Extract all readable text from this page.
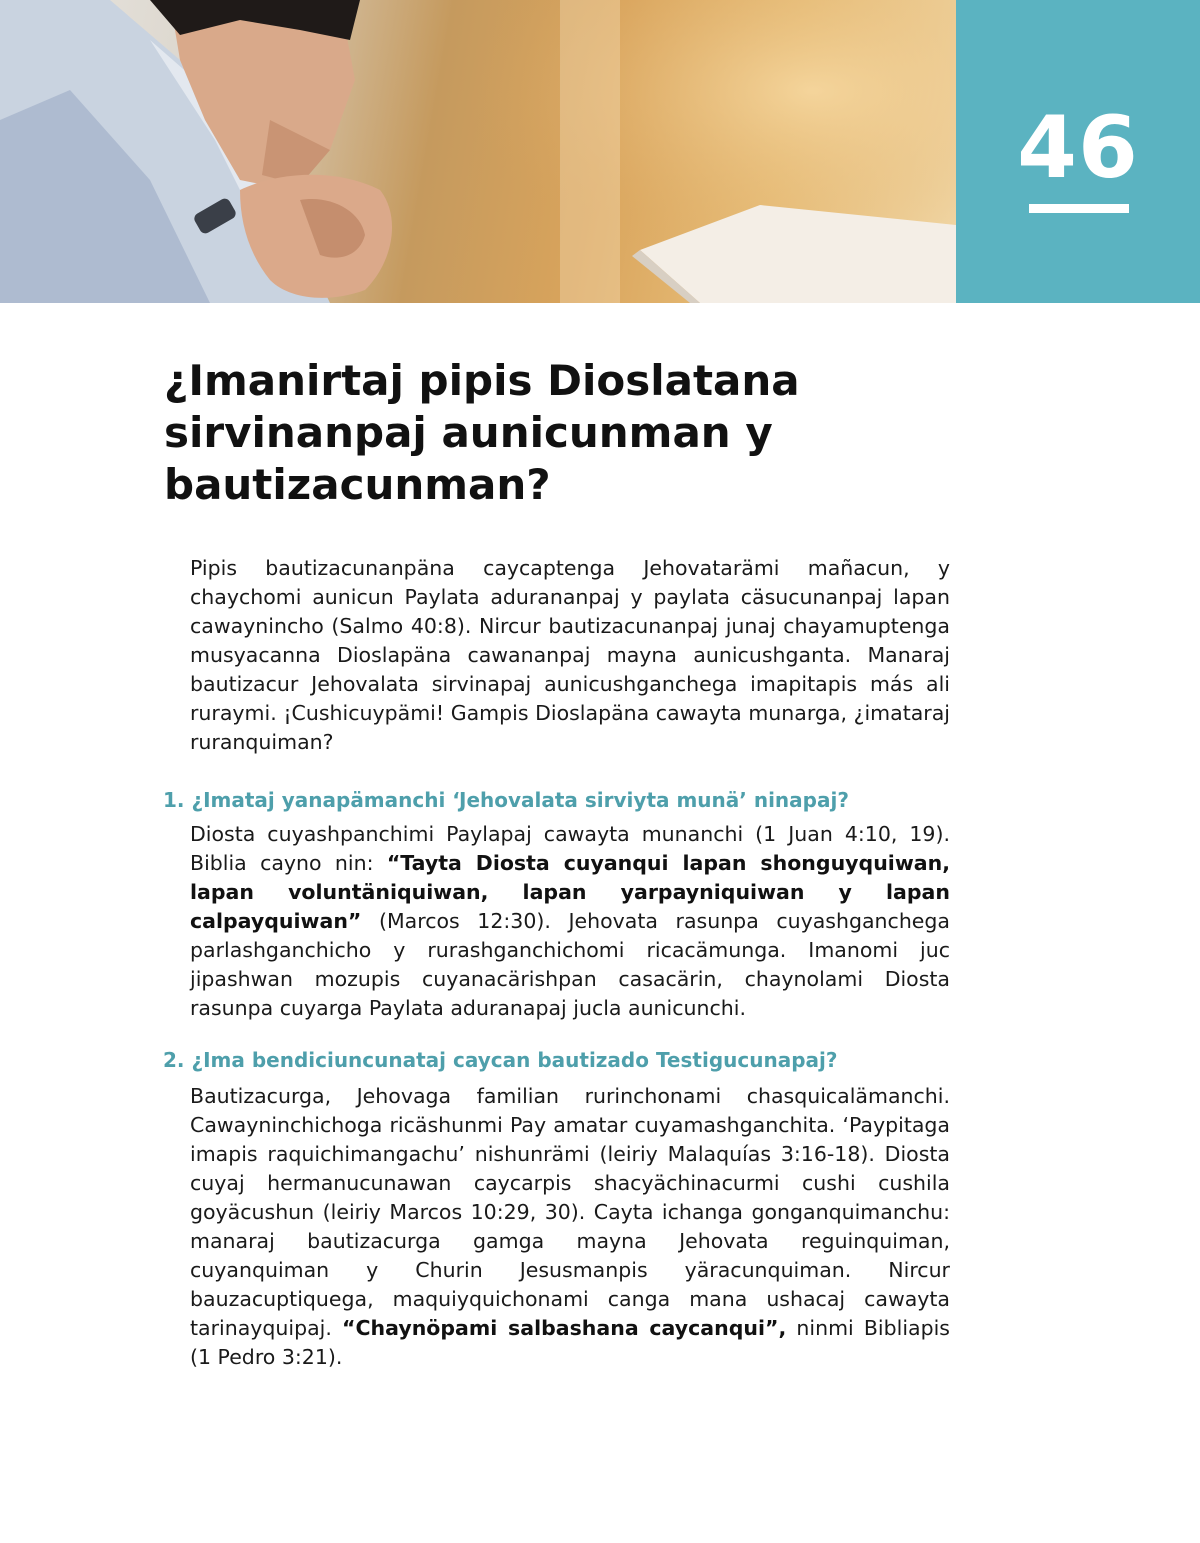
46
¿Imanirtaj pipis Dioslatana sirvinanpaj aunicunman y bautizacunman?

Pipis bautizacunanpäna caycaptenga Jehovatarämi mañacun, y chaychomi aunicun Paylata adurananpaj y paylata cäsucunanpaj lapan cawaynincho (Salmo 40:8). Nircur bautizacunanpaj junaj chayamuptenga musyacanna Dioslapäna cawananpaj mayna aunicushganta. Manaraj bautizacur Jehovalata sirvinapaj aunicushganchega imapitapis más ali ruraymi. ¡Cushicuypämi! Gampis Dioslapäna cawayta munarga, ¿imataraj ruranquiman?

1. ¿Imataj yanapämanchi ‘Jehovalata sirviyta munä’ ninapaj?

Diosta cuyashpanchimi Paylapaj cawayta munanchi (1 Juan 4:10, 19). Biblia cayno nin: “Tayta Diosta cuyanqui lapan shonguyquiwan, lapan voluntäniquiwan, lapan yarpayniquiwan y lapan calpayquiwan” (Marcos 12:30). Jehovata rasunpa cuyashganchega parlashganchicho y rurashganchichomi ricacämunga. Imanomi juc jipashwan mozupis cuyanacärishpan casacärin, chaynolami Diosta rasunpa cuyarga Paylata aduranapaj jucla aunicunchi.

2. ¿Ima bendiciuncunataj caycan bautizado Testigucunapaj?

Bautizacurga, Jehovaga familian rurinchonami chasquicalämanchi. Cawayninchichoga ricäshunmi Pay amatar cuyamashganchita. ‘Paypitaga imapis raquichimangachu’ nishunrämi (leiriy Malaquías 3:16-18). Diosta cuyaj hermanucunawan caycarpis shacyächinacurmi cushi cushila goyäcushun (leiriy Marcos 10:29, 30). Cayta ichanga gonganquimanchu: manaraj bautizacurga gamga mayna Jehovata reguinquiman, cuyanquiman y Churin Jesusmanpis yäracunquiman. Nircur bauzacuptiquega, maquiyquichonami canga mana ushacaj cawayta tarinayquipaj. “Chaynöpami salbashana caycanqui”, ninmi Bibliapis (1 Pedro 3:21).
